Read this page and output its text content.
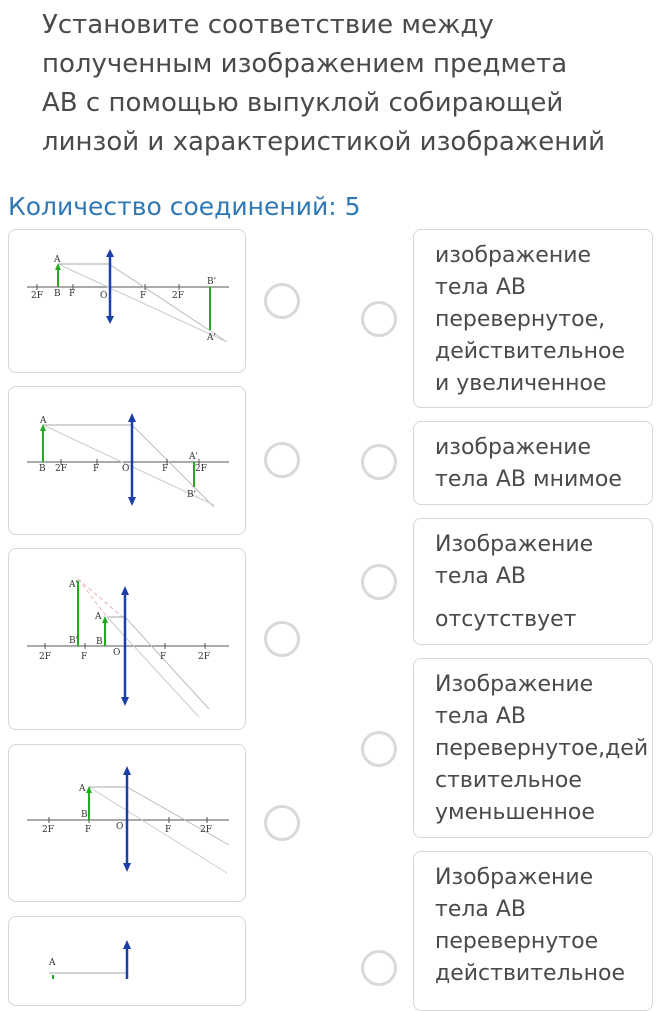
Установите соответствие между
полученным изображением предмета
АВ с помощью выпуклой собирающей
линзой и характеристикой изображений
Количество соединений: 5
A
2F B F	O	F	2F
B'
A'
A
B 2F	F	O	F
A'
2F
B'
A'
A
B' B
2F	F	O	F	2F
A
B
2F	F	O	F	2F
A
изображение
тела АВ
перевернутое,
действительное
и увеличенное
изображение
тела АВ мнимое
Изображение
тела АВ
отсутствует
Изображение
тела АВ
перевернутое,дей
ствительное
уменьшенное
Изображение
тела АВ
перевернутое
действительное
